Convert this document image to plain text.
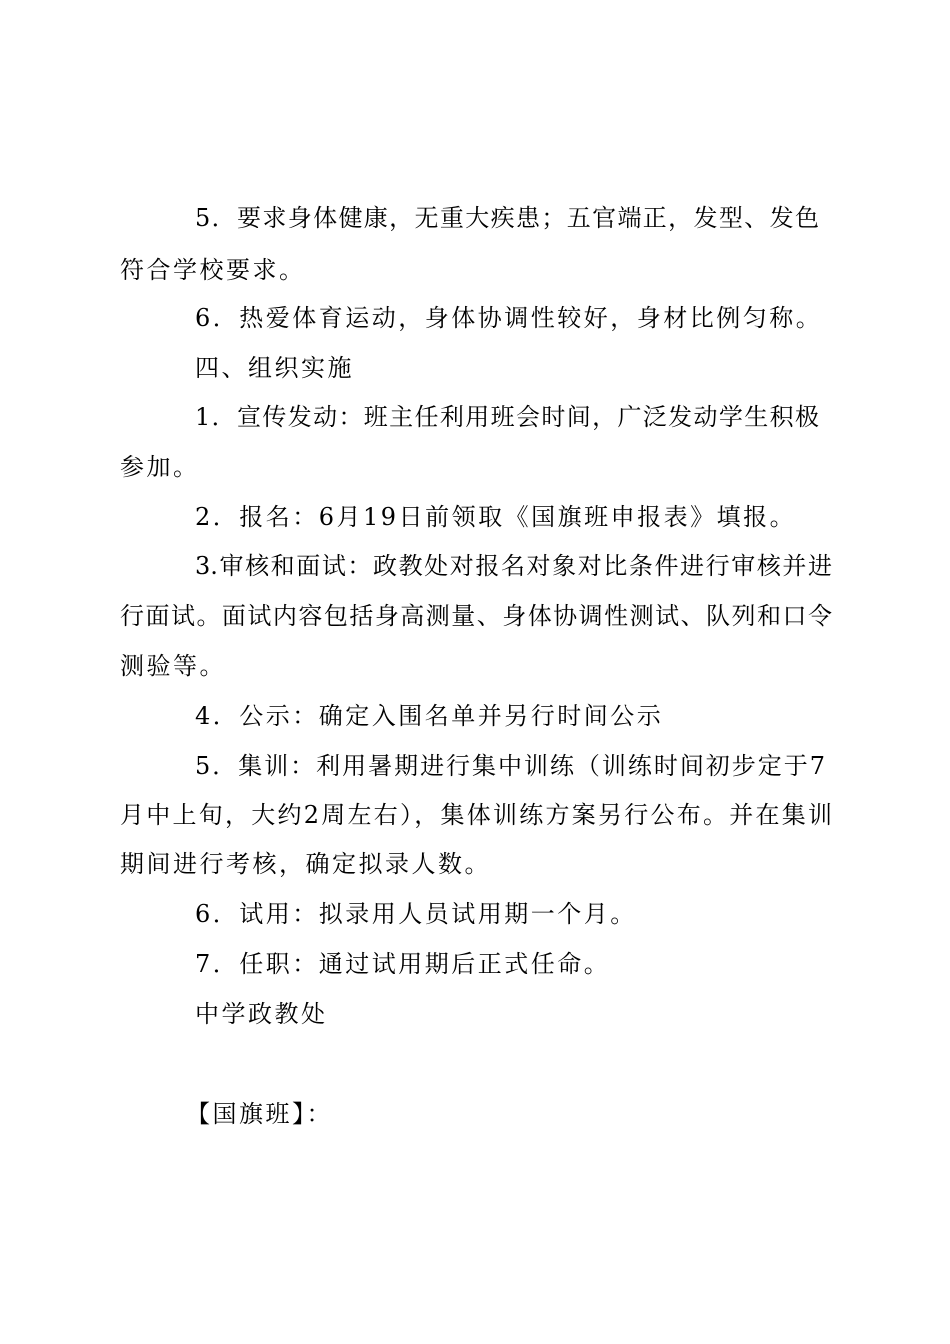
5．要求身体健康，无重大疾患；五官端正，发型、发色
符合学校要求。
6．热爱体育运动，身体协调性较好，身材比例匀称。
四、组织实施
1．宣传发动：班主任利用班会时间，广泛发动学生积极
参加。
2．报名：6月19日前领取《国旗班申报表》填报。
3.审核和面试：政教处对报名对象对比条件进行审核并进
行面试。面试内容包括身高测量、身体协调性测试、队列和口令
测验等。
4．公示：确定入围名单并另行时间公示
5．集训：利用暑期进行集中训练（训练时间初步定于7
月中上旬，大约2周左右），集体训练方案另行公布。并在集训
期间进行考核，确定拟录人数。
6．试用：拟录用人员试用期一个月。
7．任职：通过试用期后正式任命。
中学政教处
【国旗班】：
